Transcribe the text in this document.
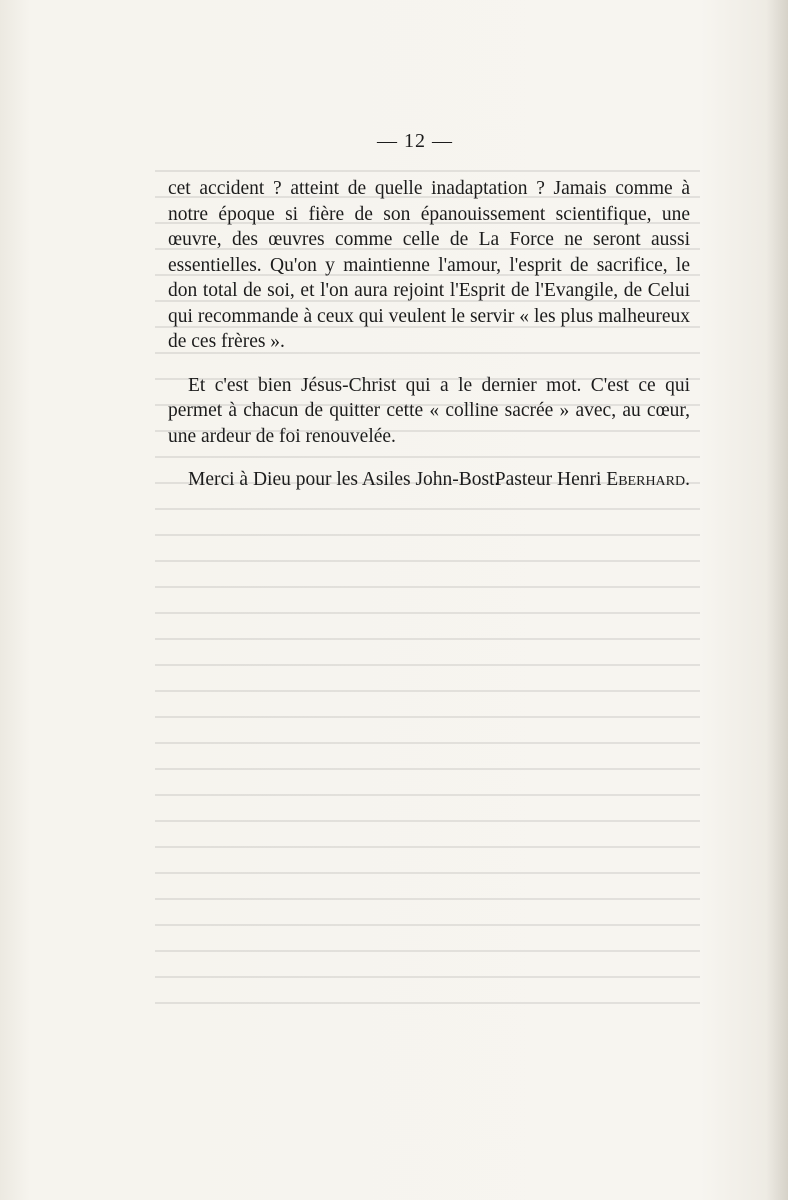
— 12 —

cet accident ? atteint de quelle inadaptation ? Jamais comme à notre époque si fière de son épanouissement scientifique, une œuvre, des œuvres comme celle de La Force ne seront aussi essentielles. Qu'on y maintienne l'amour, l'esprit de sacrifice, le don total de soi, et l'on aura rejoint l'Esprit de l'Evangile, de Celui qui recommande à ceux qui veulent le servir « les plus malheureux de ces frères ».

Et c'est bien Jésus-Christ qui a le dernier mot. C'est ce qui permet à chacun de quitter cette « colline sacrée » avec, au cœur, une ardeur de foi renouvelée.

Merci à Dieu pour les Asiles John-Bost.

Pasteur Henri Eberhard.
